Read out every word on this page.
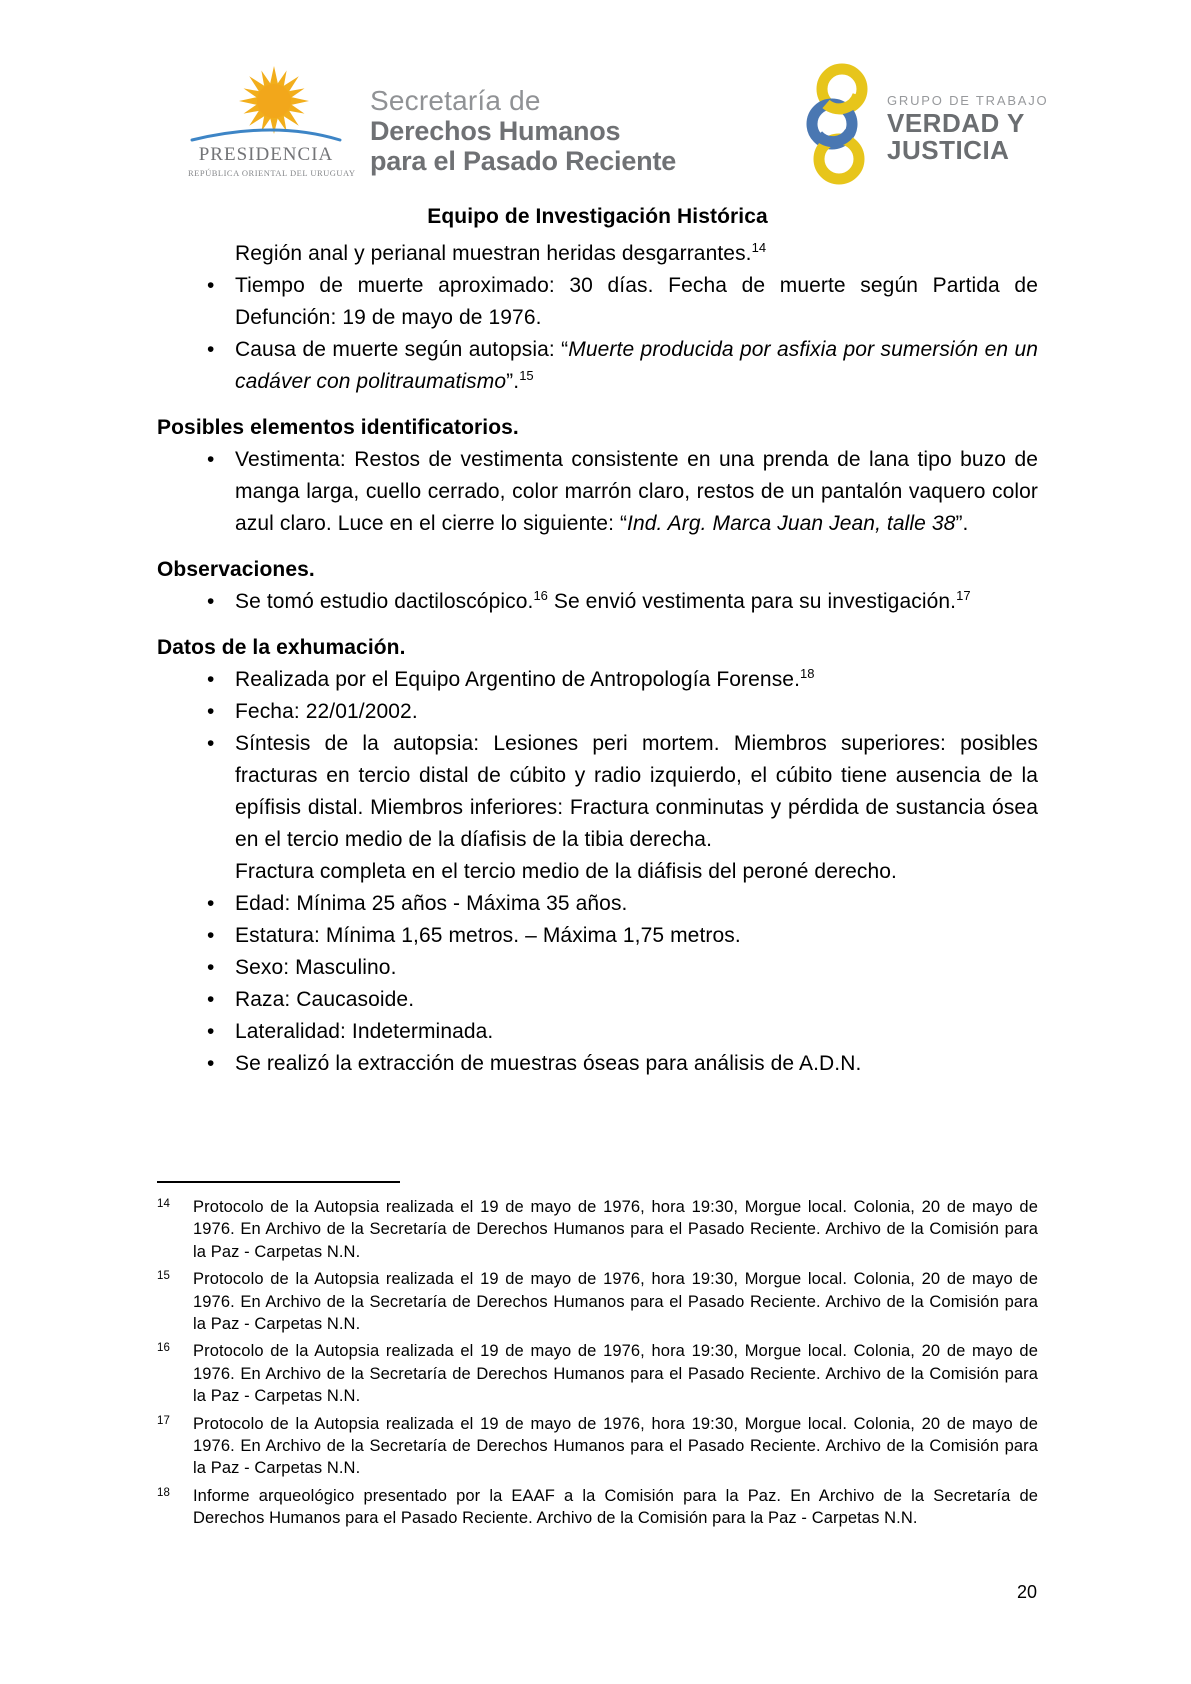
PRESIDENCIA
REPÚBLICA ORIENTAL DEL URUGUAY
Secretaría de
Derechos Humanos
para el Pasado Reciente
GRUPO DE TRABAJO
VERDAD Y
JUSTICIA
Equipo de Investigación Histórica

Región anal y perianal muestran heridas desgarrantes.$^{14}$

• Tiempo de muerte aproximado: 30 días. Fecha de muerte según Partida de Defunción: 19 de mayo de 1976.
• Causa de muerte según autopsia: “Muerte producida por asfixia por sumersión en un cadáver con politraumatismo”.$^{15}$
Posibles elementos identificatorios.
• Vestimenta: Restos de vestimenta consistente en una prenda de lana tipo buzo de manga larga, cuello cerrado, color marrón claro, restos de un pantalón vaquero color azul claro. Luce en el cierre lo siguiente: “Ind. Arg. Marca Juan Jean, talle 38”.
Observaciones.
• Se tomó estudio dactiloscópico.$^{16}$ Se envió vestimenta para su investigación.$^{17}$
Datos de la exhumación.
• Realizada por el Equipo Argentino de Antropología Forense.$^{18}$
• Fecha: 22/01/2002.
• Síntesis de la autopsia: Lesiones peri mortem. Miembros superiores: posibles fracturas en tercio distal de cúbito y radio izquierdo, el cúbito tiene ausencia de la epífisis distal. Miembros inferiores: Fractura conminutas y pérdida de sustancia ósea en el tercio medio de la díafisis de la tibia derecha.

Fractura completa en el tercio medio de la diáfisis del peroné derecho.

• Edad: Mínima 25 años - Máxima 35 años.
• Estatura: Mínima 1,65 metros. – Máxima 1,75 metros.
• Sexo: Masculino.
• Raza: Caucasoide.
• Lateralidad: Indeterminada.
• Se realizó la extracción de muestras óseas para análisis de A.D.N.
14 Protocolo de la Autopsia realizada el 19 de mayo de 1976, hora 19:30, Morgue local. Colonia, 20 de mayo de 1976. En Archivo de la Secretaría de Derechos Humanos para el Pasado Reciente. Archivo de la Comisión para la Paz - Carpetas N.N.
15 Protocolo de la Autopsia realizada el 19 de mayo de 1976, hora 19:30, Morgue local. Colonia, 20 de mayo de 1976. En Archivo de la Secretaría de Derechos Humanos para el Pasado Reciente. Archivo de la Comisión para la Paz - Carpetas N.N.
16 Protocolo de la Autopsia realizada el 19 de mayo de 1976, hora 19:30, Morgue local. Colonia, 20 de mayo de 1976. En Archivo de la Secretaría de Derechos Humanos para el Pasado Reciente. Archivo de la Comisión para la Paz - Carpetas N.N.
17 Protocolo de la Autopsia realizada el 19 de mayo de 1976, hora 19:30, Morgue local. Colonia, 20 de mayo de 1976. En Archivo de la Secretaría de Derechos Humanos para el Pasado Reciente. Archivo de la Comisión para la Paz - Carpetas N.N.
18 Informe arqueológico presentado por la EAAF a la Comisión para la Paz. En Archivo de la Secretaría de Derechos Humanos para el Pasado Reciente. Archivo de la Comisión para la Paz - Carpetas N.N.
20
